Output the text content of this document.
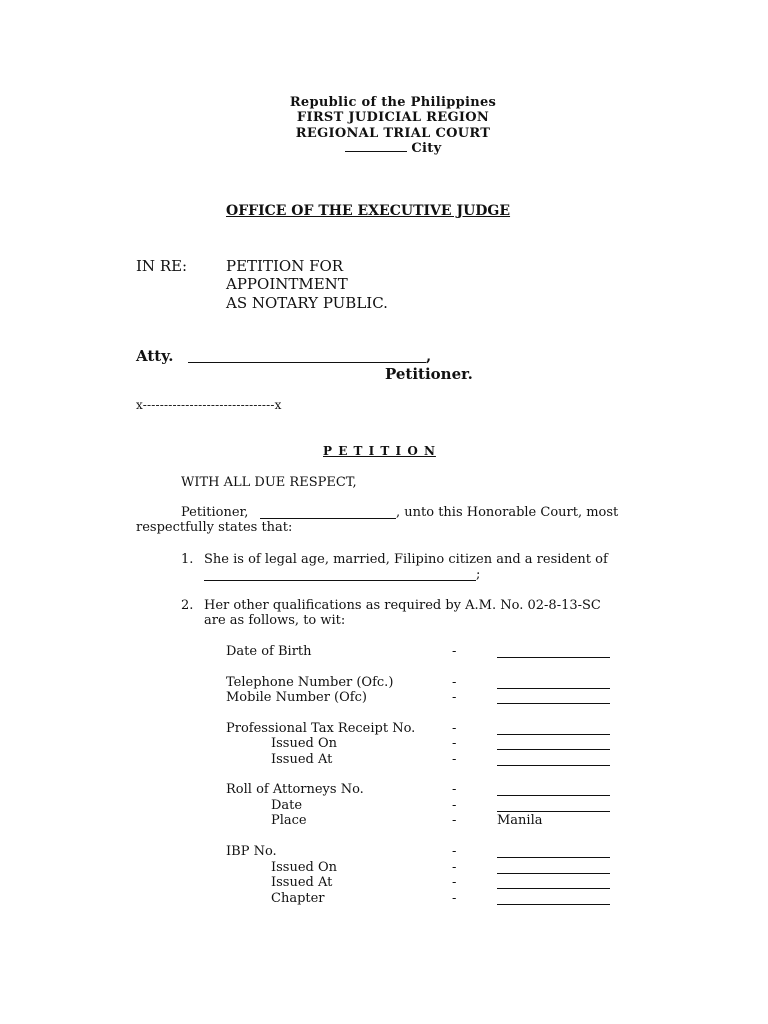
Republic of the Philippines
FIRST JUDICIAL REGION
REGIONAL TRIAL COURT
City
OFFICE OF THE EXECUTIVE JUDGE
IN RE:	PETITION FOR
APPOINTMENT
AS NOTARY PUBLIC.
Atty.	,
Petitioner.
x-------------------------------x
P E T I T I O N
WITH ALL DUE RESPECT,
Petitioner,	, unto this Honorable Court, most
respectfully states that:
1. She is of legal age, married, Filipino citizen and a resident of
;
2. Her other qualifications as required by A.M. No. 02-8-13-SC
are as follows, to wit:
Date of Birth	-
Telephone Number (Ofc.)	-
Mobile Number (Ofc)	-
Professional Tax Receipt No.	-
Issued On	-
Issued At	-
Roll of Attorneys No.	-
Date	-
Place	-	Manila
IBP No.	-
Issued On	-
Issued At	-
Chapter	-
